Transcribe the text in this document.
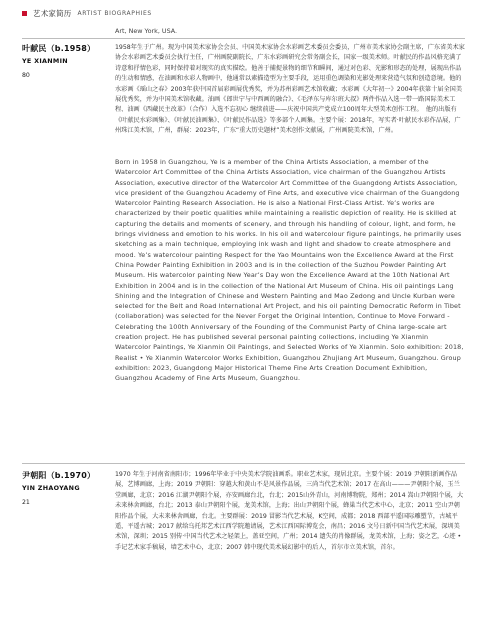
艺术家简历 ARTIST BIOGRAPHIES
Art, New York, USA.
叶献民（b.1958）
YE XIANMIN
80

1958年生于广州。现为中国美术家协会会员、中国美术家协会水彩画艺术委员会委员，广州市美术家协会副主席，广东省美术家协会水彩画艺术委员会执行主任，广州画院副院长，广东水彩画研究会常务副会长，国家一级美术师。叶献民的作品风格充满了诗意和抒情色彩，同时保持着对现实的真实描绘。他善于捕捉景物的细节和瞬间，通过对色彩、光影和形态的处理，展现出作品的生动和情感，在油画和水彩人物画中，他通常以素描造型为主要手段，运用重色调染和光影处理来营造气氛和创造意境。他的水彩画《瑶山之春》2003年获中国首届彩画展优秀奖，并为苏州彩画艺术馆收藏；水彩画《大年初一》2004年获第十届全国美展优秀奖，并为中国美术馆收藏。油画《郎世宁与中西画的融合》、《毛泽东与库尔班大叔》两件作品入选一带一路国际美术工程、油画《西藏民主改革》（合作）入选不忘初心 继续前进——庆祝中国共产党成立100周年大型美术创作工程。　他的出版有《叶献民水彩画集》、《叶献民油画集》、《叶献民作品选》等多部个人画集。主要个展：2018年，写实者·叶献民水彩作品展，广州珠江美术馆，广州，群展：2023年，广东“重大历史题材”美术创作文献展，广州画院美术馆，广州。

Born in 1958 in Guangzhou, Ye is a member of the China Artists Association, a member of the Watercolor Art Committee of the China Artists Association, vice chairman of the Guangzhou Artists Association, executive director of the Watercolor Art Committee of the Guangdong Artists Association, vice president of the Guangzhou Academy of Fine Arts, and executive vice chairman of the Guangdong Watercolor Painting Research Association. He is also a National First-Class Artist. Ye’s works are characterized by their poetic qualities while maintaining a realistic depiction of reality. He is skilled at capturing the details and moments of scenery, and through his handling of colour, light, and form, he brings vividness and emotion to his works. In his oil and watercolour figure paintings, he primarily uses sketching as a main technique, employing ink wash and light and shadow to create atmosphere and mood. Ye’s watercolour painting Respect for the Yao Mountains won the Excellence Award at the First China Powder Painting Exhibition in 2003 and is in the collection of the Suzhou Powder Painting Art Museum. His watercolor painting New Year’s Day won the Excellence Award at the 10th National Art Exhibition in 2004 and is in the collection of the National Art Museum of China. His oil paintings Lang Shining and the Integration of Chinese and Western Painting and Mao Zedong and Uncle Kurban were selected for the Belt and Road International Art Project, and his oil painting Democratic Reform in Tibet (collaboration) was selected for the Never Forget the Original Intention, Continue to Move Forward - Celebrating the 100th Anniversary of the Founding of the Communist Party of China large-scale art creation project. He has published several personal painting collections, including Ye Xianmin Watercolor Paintings, Ye Xianmin Oil Paintings, and Selected Works of Ye Xianmin. Solo exhibition: 2018, Realist • Ye Xianmin Watercolor Works Exhibition, Guangzhou Zhujiang Art Museum, Guangzhou. Group exhibition: 2023, Guangdong Major Historical Theme Fine Arts Creation Document Exhibition, Guangzhou Academy of Fine Arts Museum, Guangzhou.

尹朝阳（b.1970）
YIN ZHAOYANG
21

1970 年生于河南省南阳市；1996年毕业于中央美术学院油画系。职业艺术家，现居北京。主要个展：2019 尹朝阳新画作品展，艺博画廊，上海；2019 尹朝阳：穿越大和黄山不是风景作品展，三尚当代艺术馆；2017 在高山———尹朝阳个展，玉兰堂画廊，北京；2016 江湖尹朝阳个展，亦安画廊台北，台北；2015山外青山，河南博物院，郑州；2014 嵩山尹朝阳个展，大未来林舍画廊，台北；2013 泰山尹朝阳个展，龙美术馆，上海；出山尹朝阳个展，蜂巢当代艺术中心，北京；2011 空山尹朝阳作品个展，大未来林舍画廊，台北。主要群展：2019 冒影当代艺术展，K空间，成都；2018 西部平遥国际雕塑节，古城平遥，平遥古城；2017 献给乌托邦艺术江西学院邀请展，艺术江西国际博览会，南昌；2016 文号日新中国当代艺术展，深圳美术馆，深圳；2015 别传·中国当代艺术之轻架上，盖亚空间，广州；2014 遗失的肖像群展，龙美术馆，上海；姿之艺，心迹 • 手记艺术家手稿展，墙艺术中心，北京；2007 韩中现代美术展幻影中的后人，首尔市立美术馆，首尔。
